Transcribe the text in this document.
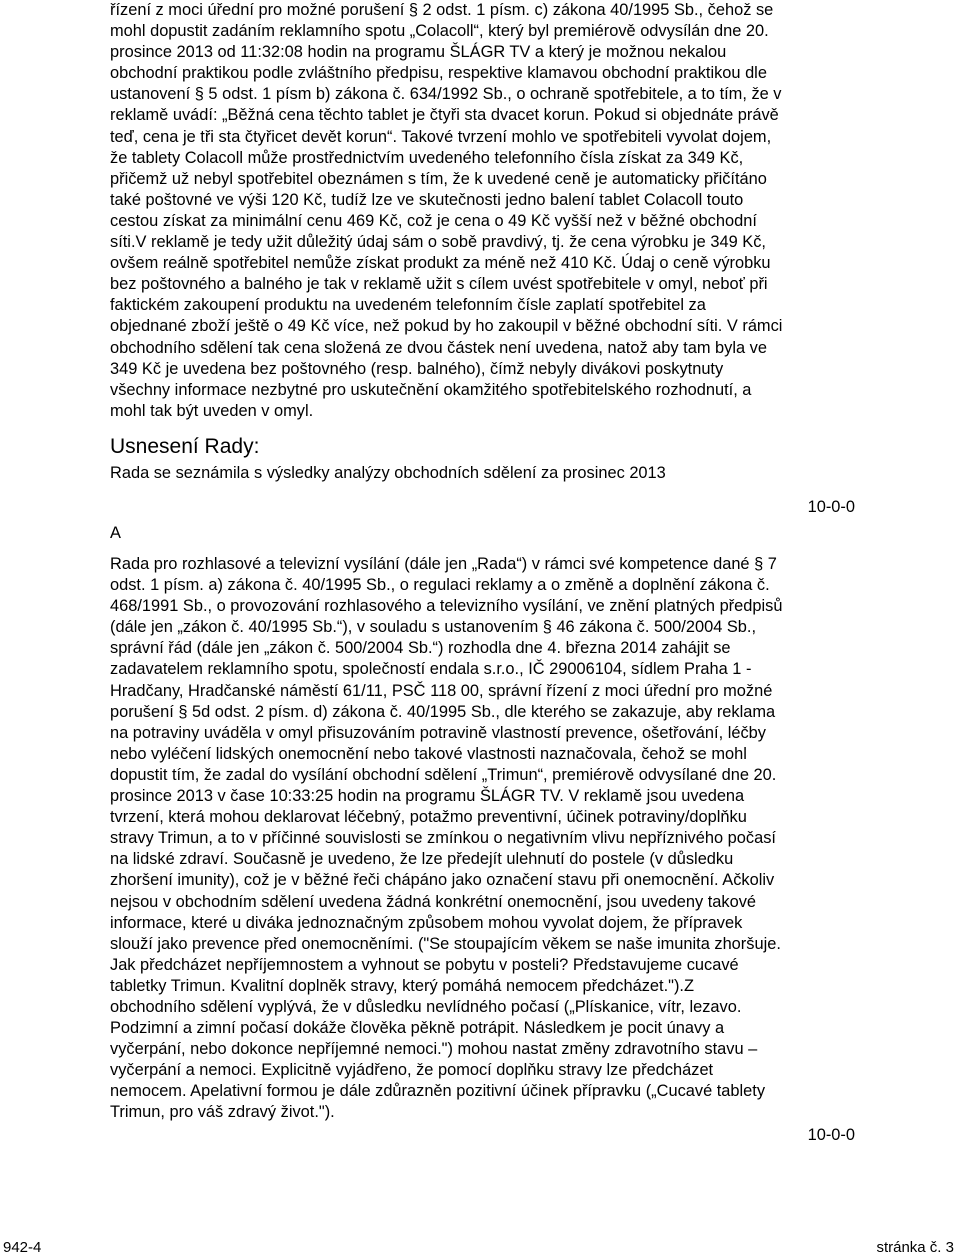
řízení z moci úřední pro možné porušení § 2 odst. 1 písm. c) zákona 40/1995 Sb., čehož se
mohl dopustit zadáním reklamního spotu „Colacoll“, který byl premiérově odvysílán dne 20.
prosince 2013 od 11:32:08 hodin na programu ŠLÁGR TV a který je možnou nekalou
obchodní praktikou podle zvláštního předpisu, respektive klamavou obchodní praktikou dle
ustanovení § 5 odst. 1 písm b) zákona č. 634/1992 Sb., o ochraně spotřebitele, a to tím, že v
reklamě uvádí: „Běžná cena těchto tablet je čtyři sta dvacet korun. Pokud si objednáte právě
teď, cena je tři sta čtyřicet devět korun“. Takové tvrzení mohlo ve spotřebiteli vyvolat dojem,
že tablety Colacoll může prostřednictvím uvedeného telefonního čísla získat za 349 Kč,
přičemž už nebyl spotřebitel obeznámen s tím, že k uvedené ceně je automaticky přičítáno
také poštovné ve výši 120 Kč, tudíž lze ve skutečnosti jedno balení tablet Colacoll touto
cestou získat za minimální cenu 469 Kč, což je cena o 49 Kč vyšší než v běžné obchodní
síti.V reklamě je tedy užit důležitý údaj sám o sobě pravdivý, tj. že cena výrobku je 349 Kč,
ovšem reálně spotřebitel nemůže získat produkt za méně než 410 Kč. Údaj o ceně výrobku
bez poštovného a balného je tak v reklamě užit s cílem uvést spotřebitele v omyl, neboť při
faktickém zakoupení produktu na uvedeném telefonním čísle zaplatí spotřebitel za
objednané zboží ještě o 49 Kč více, než pokud by ho zakoupil v běžné obchodní síti. V rámci
obchodního sdělení tak cena složená ze dvou částek není uvedena, natož aby tam byla ve
349 Kč je uvedena bez poštovného (resp. balného), čímž nebyly divákovi poskytnuty
všechny informace nezbytné pro uskutečnění okamžitého spotřebitelského rozhodnutí, a
mohl tak být uveden v omyl.
Usnesení Rady:

Rada se seznámila s výsledky analýzy obchodních sdělení za prosinec 2013

10-0-0

A

Rada pro rozhlasové a televizní vysílání (dále jen „Rada“) v rámci své kompetence dané § 7
odst. 1 písm. a) zákona č. 40/1995 Sb., o regulaci reklamy a o změně a doplnění zákona č.
468/1991 Sb., o provozování rozhlasového a televizního vysílání, ve znění platných předpisů
(dále jen „zákon č. 40/1995 Sb.“), v souladu s ustanovením § 46 zákona č. 500/2004 Sb.,
správní řád (dále jen „zákon č. 500/2004 Sb.“) rozhodla dne 4. března 2014 zahájit se
zadavatelem reklamního spotu, společností endala s.r.o., IČ 29006104, sídlem Praha 1 -
Hradčany, Hradčanské náměstí 61/11, PSČ 118 00, správní řízení z moci úřední pro možné
porušení § 5d odst. 2 písm. d) zákona č. 40/1995 Sb., dle kterého se zakazuje, aby reklama
na potraviny uváděla v omyl přisuzováním potravině vlastností prevence, ošetřování, léčby
nebo vyléčení lidských onemocnění nebo takové vlastnosti naznačovala, čehož se mohl
dopustit tím, že zadal do vysílání obchodní sdělení „Trimun“, premiérově odvysílané dne 20.
prosince 2013 v čase 10:33:25 hodin na programu ŠLÁGR TV. V reklamě jsou uvedena
tvrzení, která mohou deklarovat léčebný, potažmo preventivní, účinek potraviny/doplňku
stravy Trimun, a to v příčinné souvislosti se zmínkou o negativním vlivu nepříznivého počasí
na lidské zdraví. Současně je uvedeno, že lze předejít ulehnutí do postele (v důsledku
zhoršení imunity), což je v běžné řeči chápáno jako označení stavu při onemocnění. Ačkoliv
nejsou v obchodním sdělení uvedena žádná konkrétní onemocnění, jsou uvedeny takové
informace, které u diváka jednoznačným způsobem mohou vyvolat dojem, že přípravek
slouží jako prevence před onemocněními. ("Se stoupajícím věkem se naše imunita zhoršuje.
Jak předcházet nepříjemnostem a vyhnout se pobytu v posteli? Představujeme cucavé
tabletky Trimun. Kvalitní doplněk stravy, který pomáhá nemocem předcházet.").Z
obchodního sdělení vyplývá, že v důsledku nevlídného počasí („Plískanice, vítr, lezavo.
Podzimní a zimní počasí dokáže člověka pěkně potrápit. Následkem je pocit únavy a
vyčerpání, nebo dokonce nepříjemné nemoci.") mohou nastat změny zdravotního stavu –
vyčerpání a nemoci. Explicitně vyjádřeno, že pomocí doplňku stravy lze předcházet
nemocem. Apelativní formou je dále zdůrazněn pozitivní účinek přípravku („Cucavé tablety
Trimun, pro váš zdravý život.").

10-0-0

942-4	stránka č. 3
